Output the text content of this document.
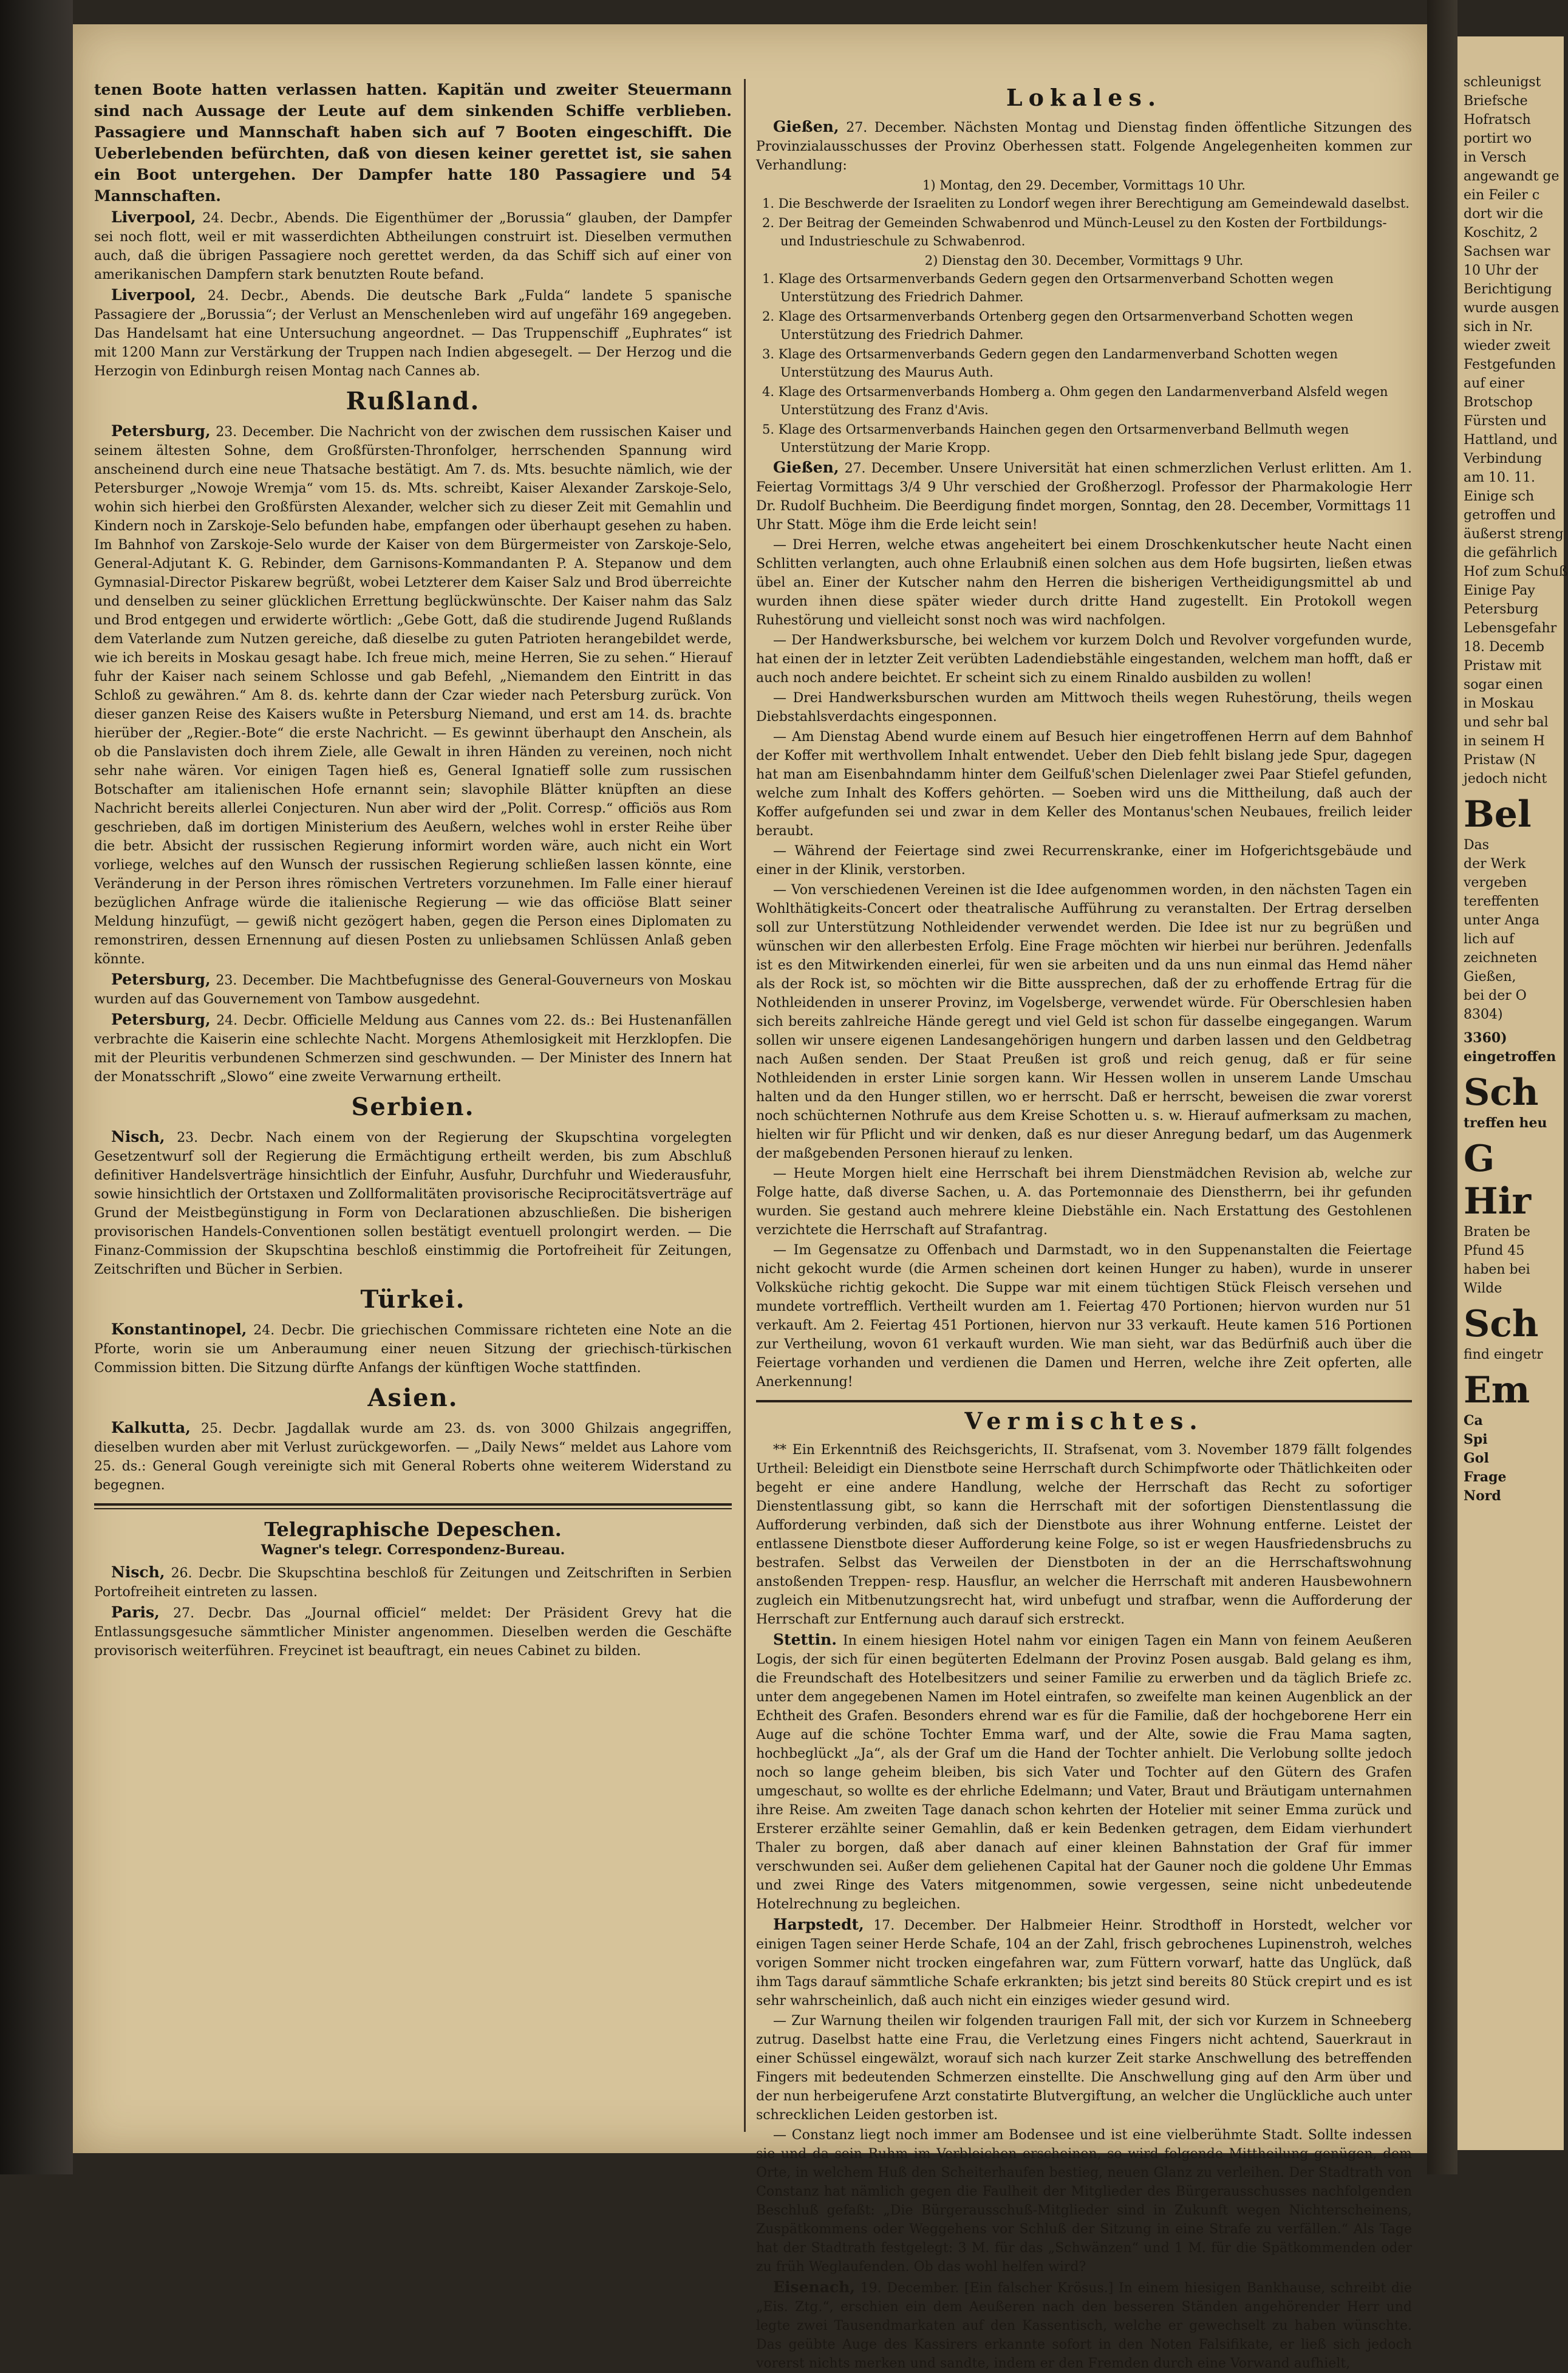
tenen Boote hatten verlassen hatten. Kapitän und zweiter Steuermann sind nach Aussage der Leute auf dem sinkenden Schiffe verblieben. Passagiere und Mannschaft haben sich auf 7 Booten eingeschifft. Die Ueberlebenden befürchten, daß von diesen keiner gerettet ist, sie sahen ein Boot untergehen. Der Dampfer hatte 180 Passagiere und 54 Mannschaften.

Liverpool, 24. Decbr., Abends. Die Eigenthümer der „Borussia“ glauben, der Dampfer sei noch flott, weil er mit wasserdichten Abtheilungen construirt ist. Dieselben vermuthen auch, daß die übrigen Passagiere noch gerettet werden, da das Schiff sich auf einer von amerikanischen Dampfern stark benutzten Route befand.

Liverpool, 24. Decbr., Abends. Die deutsche Bark „Fulda“ landete 5 spanische Passagiere der „Borussia“; der Verlust an Menschenleben wird auf ungefähr 169 angegeben. Das Handelsamt hat eine Untersuchung angeordnet. — Das Truppenschiff „Euphrates“ ist mit 1200 Mann zur Verstärkung der Truppen nach Indien abgesegelt. — Der Herzog und die Herzogin von Edinburgh reisen Montag nach Cannes ab.

Rußland.

Petersburg, 23. December. Die Nachricht von der zwischen dem russischen Kaiser und seinem ältesten Sohne, dem Großfürsten-Thronfolger, herrschenden Spannung wird anscheinend durch eine neue Thatsache bestätigt. Am 7. ds. Mts. besuchte nämlich, wie der Petersburger „Nowoje Wremja“ vom 15. ds. Mts. schreibt, Kaiser Alexander Zarskoje-Selo, wohin sich hierbei den Großfürsten Alexander, welcher sich zu dieser Zeit mit Gemahlin und Kindern noch in Zarskoje-Selo befunden habe, empfangen oder überhaupt gesehen zu haben. Im Bahnhof von Zarskoje-Selo wurde der Kaiser von dem Bürgermeister von Zarskoje-Selo, General-Adjutant K. G. Rebinder, dem Garnisons-Kommandanten P. A. Stepanow und dem Gymnasial-Director Piskarew begrüßt, wobei Letzterer dem Kaiser Salz und Brod überreichte und denselben zu seiner glücklichen Errettung beglückwünschte. Der Kaiser nahm das Salz und Brod entgegen und erwiderte wörtlich: „Gebe Gott, daß die studirende Jugend Rußlands dem Vaterlande zum Nutzen gereiche, daß dieselbe zu guten Patrioten herangebildet werde, wie ich bereits in Moskau gesagt habe. Ich freue mich, meine Herren, Sie zu sehen.“ Hierauf fuhr der Kaiser nach seinem Schlosse und gab Befehl, „Niemandem den Eintritt in das Schloß zu gewähren.“ Am 8. ds. kehrte dann der Czar wieder nach Petersburg zurück. Von dieser ganzen Reise des Kaisers wußte in Petersburg Niemand, und erst am 14. ds. brachte hierüber der „Regier.-Bote“ die erste Nachricht. — Es gewinnt überhaupt den Anschein, als ob die Panslavisten doch ihrem Ziele, alle Gewalt in ihren Händen zu vereinen, noch nicht sehr nahe wären. Vor einigen Tagen hieß es, General Ignatieff solle zum russischen Botschafter am italienischen Hofe ernannt sein; slavophile Blätter knüpften an diese Nachricht bereits allerlei Conjecturen. Nun aber wird der „Polit. Corresp.“ officiös aus Rom geschrieben, daß im dortigen Ministerium des Aeußern, welches wohl in erster Reihe über die betr. Absicht der russischen Regierung informirt worden wäre, auch nicht ein Wort vorliege, welches auf den Wunsch der russischen Regierung schließen lassen könnte, eine Veränderung in der Person ihres römischen Vertreters vorzunehmen. Im Falle einer hierauf bezüglichen Anfrage würde die italienische Regierung — wie das officiöse Blatt seiner Meldung hinzufügt, — gewiß nicht gezögert haben, gegen die Person eines Diplomaten zu remonstriren, dessen Ernennung auf diesen Posten zu unliebsamen Schlüssen Anlaß geben könnte.

Petersburg, 23. December. Die Machtbefugnisse des General-Gouverneurs von Moskau wurden auf das Gouvernement von Tambow ausgedehnt.

Petersburg, 24. Decbr. Officielle Meldung aus Cannes vom 22. ds.: Bei Hustenanfällen verbrachte die Kaiserin eine schlechte Nacht. Morgens Athemlosigkeit mit Herzklopfen. Die mit der Pleuritis verbundenen Schmerzen sind geschwunden. — Der Minister des Innern hat der Monatsschrift „Slowo“ eine zweite Verwarnung ertheilt.

Serbien.

Nisch, 23. Decbr. Nach einem von der Regierung der Skupschtina vorgelegten Gesetzentwurf soll der Regierung die Ermächtigung ertheilt werden, bis zum Abschluß definitiver Handelsverträge hinsichtlich der Einfuhr, Ausfuhr, Durchfuhr und Wiederausfuhr, sowie hinsichtlich der Ortstaxen und Zollformalitäten provisorische Reciprocitätsverträge auf Grund der Meistbegünstigung in Form von Declarationen abzuschließen. Die bisherigen provisorischen Handels-Conventionen sollen bestätigt eventuell prolongirt werden. — Die Finanz-Commission der Skupschtina beschloß einstimmig die Portofreiheit für Zeitungen, Zeitschriften und Bücher in Serbien.

Türkei.

Konstantinopel, 24. Decbr. Die griechischen Commissare richteten eine Note an die Pforte, worin sie um Anberaumung einer neuen Sitzung der griechisch-türkischen Commission bitten. Die Sitzung dürfte Anfangs der künftigen Woche stattfinden.

Asien.

Kalkutta, 25. Decbr. Jagdallak wurde am 23. ds. von 3000 Ghilzais angegriffen, dieselben wurden aber mit Verlust zurückgeworfen. — „Daily News“ meldet aus Lahore vom 25. ds.: General Gough vereinigte sich mit General Roberts ohne weiterem Widerstand zu begegnen.

Telegraphische Depeschen.
Wagner's telegr. Correspondenz-Bureau.

Nisch, 26. Decbr. Die Skupschtina beschloß für Zeitungen und Zeitschriften in Serbien Portofreiheit eintreten zu lassen.

Paris, 27. Decbr. Das „Journal officiel“ meldet: Der Präsident Grevy hat die Entlassungsgesuche sämmtlicher Minister angenommen. Dieselben werden die Geschäfte provisorisch weiterführen. Freycinet ist beauftragt, ein neues Cabinet zu bilden.

Lokales.

Gießen, 27. December. Nächsten Montag und Dienstag finden öffentliche Sitzungen des Provinzialausschusses der Provinz Oberhessen statt. Folgende Angelegenheiten kommen zur Verhandlung:

1) Montag, den 29. December, Vormittags 10 Uhr.
1. Die Beschwerde der Israeliten zu Londorf wegen ihrer Berechtigung am Gemeindewald daselbst.
2. Der Beitrag der Gemeinden Schwabenrod und Münch-Leusel zu den Kosten der Fortbildungs- und Industrieschule zu Schwabenrod.
2) Dienstag den 30. December, Vormittags 9 Uhr.
1. Klage des Ortsarmenverbands Gedern gegen den Ortsarmenverband Schotten wegen Unterstützung des Friedrich Dahmer.
2. Klage des Ortsarmenverbands Ortenberg gegen den Ortsarmenverband Schotten wegen Unterstützung des Friedrich Dahmer.
3. Klage des Ortsarmenverbands Gedern gegen den Landarmenverband Schotten wegen Unterstützung des Maurus Auth.
4. Klage des Ortsarmenverbands Homberg a. Ohm gegen den Landarmenverband Alsfeld wegen Unterstützung des Franz d'Avis.
5. Klage des Ortsarmenverbands Hainchen gegen den Ortsarmenverband Bellmuth wegen Unterstützung der Marie Kropp.

Gießen, 27. December. Unsere Universität hat einen schmerzlichen Verlust erlitten. Am 1. Feiertag Vormittags 3/4 9 Uhr verschied der Großherzogl. Professor der Pharmakologie Herr Dr. Rudolf Buchheim. Die Beerdigung findet morgen, Sonntag, den 28. December, Vormittags 11 Uhr Statt. Möge ihm die Erde leicht sein!

— Drei Herren, welche etwas angeheitert bei einem Droschkenkutscher heute Nacht einen Schlitten verlangten, auch ohne Erlaubniß einen solchen aus dem Hofe bugsirten, ließen etwas übel an. Einer der Kutscher nahm den Herren die bisherigen Vertheidigungsmittel ab und wurden ihnen diese später wieder durch dritte Hand zugestellt. Ein Protokoll wegen Ruhestörung und vielleicht sonst noch was wird nachfolgen.

— Der Handwerksbursche, bei welchem vor kurzem Dolch und Revolver vorgefunden wurde, hat einen der in letzter Zeit verübten Ladendiebstähle eingestanden, welchem man hofft, daß er auch noch andere beichtet. Er scheint sich zu einem Rinaldo ausbilden zu wollen!

— Drei Handwerksburschen wurden am Mittwoch theils wegen Ruhestörung, theils wegen Diebstahlsverdachts eingesponnen.

— Am Dienstag Abend wurde einem auf Besuch hier eingetroffenen Herrn auf dem Bahnhof der Koffer mit werthvollem Inhalt entwendet. Ueber den Dieb fehlt bislang jede Spur, dagegen hat man am Eisenbahndamm hinter dem Geilfuß'schen Dielenlager zwei Paar Stiefel gefunden, welche zum Inhalt des Koffers gehörten. — Soeben wird uns die Mittheilung, daß auch der Koffer aufgefunden sei und zwar in dem Keller des Montanus'schen Neubaues, freilich leider beraubt.

— Während der Feiertage sind zwei Recurrenskranke, einer im Hofgerichtsgebäude und einer in der Klinik, verstorben.

— Von verschiedenen Vereinen ist die Idee aufgenommen worden, in den nächsten Tagen ein Wohlthätigkeits-Concert oder theatralische Aufführung zu veranstalten. Der Ertrag derselben soll zur Unterstützung Nothleidender verwendet werden. Die Idee ist nur zu begrüßen und wünschen wir den allerbesten Erfolg. Eine Frage möchten wir hierbei nur berühren. Jedenfalls ist es den Mitwirkenden einerlei, für wen sie arbeiten und da uns nun einmal das Hemd näher als der Rock ist, so möchten wir die Bitte aussprechen, daß der zu erhoffende Ertrag für die Nothleidenden in unserer Provinz, im Vogelsberge, verwendet würde. Für Oberschlesien haben sich bereits zahlreiche Hände geregt und viel Geld ist schon für dasselbe eingegangen. Warum sollen wir unsere eigenen Landesangehörigen hungern und darben lassen und den Geldbetrag nach Außen senden. Der Staat Preußen ist groß und reich genug, daß er für seine Nothleidenden in erster Linie sorgen kann. Wir Hessen wollen in unserem Lande Umschau halten und da den Hunger stillen, wo er herrscht. Daß er herrscht, beweisen die zwar vorerst noch schüchternen Nothrufe aus dem Kreise Schotten u. s. w. Hierauf aufmerksam zu machen, hielten wir für Pflicht und wir denken, daß es nur dieser Anregung bedarf, um das Augenmerk der maßgebenden Personen hierauf zu lenken.

— Heute Morgen hielt eine Herrschaft bei ihrem Dienstmädchen Revision ab, welche zur Folge hatte, daß diverse Sachen, u. A. das Portemonnaie des Dienstherrn, bei ihr gefunden wurden. Sie gestand auch mehrere kleine Diebstähle ein. Nach Erstattung des Gestohlenen verzichtete die Herrschaft auf Strafantrag.

— Im Gegensatze zu Offenbach und Darmstadt, wo in den Suppenanstalten die Feiertage nicht gekocht wurde (die Armen scheinen dort keinen Hunger zu haben), wurde in unserer Volksküche richtig gekocht. Die Suppe war mit einem tüchtigen Stück Fleisch versehen und mundete vortrefflich. Vertheilt wurden am 1. Feiertag 470 Portionen; hiervon wurden nur 51 verkauft. Am 2. Feiertag 451 Portionen, hiervon nur 33 verkauft. Heute kamen 516 Portionen zur Vertheilung, wovon 61 verkauft wurden. Wie man sieht, war das Bedürfniß auch über die Feiertage vorhanden und verdienen die Damen und Herren, welche ihre Zeit opferten, alle Anerkennung!

Vermischtes.

** Ein Erkenntniß des Reichsgerichts, II. Strafsenat, vom 3. November 1879 fällt folgendes Urtheil: Beleidigt ein Dienstbote seine Herrschaft durch Schimpfworte oder Thätlichkeiten oder begeht er eine andere Handlung, welche der Herrschaft das Recht zu sofortiger Dienstentlassung gibt, so kann die Herrschaft mit der sofortigen Dienstentlassung die Aufforderung verbinden, daß sich der Dienstbote aus ihrer Wohnung entferne. Leistet der entlassene Dienstbote dieser Aufforderung keine Folge, so ist er wegen Hausfriedensbruchs zu bestrafen. Selbst das Verweilen der Dienstboten in der an die Herrschaftswohnung anstoßenden Treppen- resp. Hausflur, an welcher die Herrschaft mit anderen Hausbewohnern zugleich ein Mitbenutzungsrecht hat, wird unbefugt und strafbar, wenn die Aufforderung der Herrschaft zur Entfernung auch darauf sich erstreckt.

Stettin. In einem hiesigen Hotel nahm vor einigen Tagen ein Mann von feinem Aeußeren Logis, der sich für einen begüterten Edelmann der Provinz Posen ausgab. Bald gelang es ihm, die Freundschaft des Hotelbesitzers und seiner Familie zu erwerben und da täglich Briefe zc. unter dem angegebenen Namen im Hotel eintrafen, so zweifelte man keinen Augenblick an der Echtheit des Grafen. Besonders ehrend war es für die Familie, daß der hochgeborene Herr ein Auge auf die schöne Tochter Emma warf, und der Alte, sowie die Frau Mama sagten, hochbeglückt „Ja“, als der Graf um die Hand der Tochter anhielt. Die Verlobung sollte jedoch noch so lange geheim bleiben, bis sich Vater und Tochter auf den Gütern des Grafen umgeschaut, so wollte es der ehrliche Edelmann; und Vater, Braut und Bräutigam unternahmen ihre Reise. Am zweiten Tage danach schon kehrten der Hotelier mit seiner Emma zurück und Ersterer erzählte seiner Gemahlin, daß er kein Bedenken getragen, dem Eidam vierhundert Thaler zu borgen, daß aber danach auf einer kleinen Bahnstation der Graf für immer verschwunden sei. Außer dem geliehenen Capital hat der Gauner noch die goldene Uhr Emmas und zwei Ringe des Vaters mitgenommen, sowie vergessen, seine nicht unbedeutende Hotelrechnung zu begleichen.

Harpstedt, 17. December. Der Halbmeier Heinr. Strodthoff in Horstedt, welcher vor einigen Tagen seiner Herde Schafe, 104 an der Zahl, frisch gebrochenes Lupinenstroh, welches vorigen Sommer nicht trocken eingefahren war, zum Füttern vorwarf, hatte das Unglück, daß ihm Tags darauf sämmtliche Schafe erkrankten; bis jetzt sind bereits 80 Stück crepirt und es ist sehr wahrscheinlich, daß auch nicht ein einziges wieder gesund wird.

— Zur Warnung theilen wir folgenden traurigen Fall mit, der sich vor Kurzem in Schneeberg zutrug. Daselbst hatte eine Frau, die Verletzung eines Fingers nicht achtend, Sauerkraut in einer Schüssel eingewälzt, worauf sich nach kurzer Zeit starke Anschwellung des betreffenden Fingers mit bedeutenden Schmerzen einstellte. Die Anschwellung ging auf den Arm über und der nun herbeigerufene Arzt constatirte Blutvergiftung, an welcher die Unglückliche auch unter schrecklichen Leiden gestorben ist.

— Constanz liegt noch immer am Bodensee und ist eine vielberühmte Stadt. Sollte indessen sie und da sein Ruhm im Verbleichen erscheinen, so wird folgende Mittheilung genügen, dem Orte, in welchem Huß den Scheiterhaufen bestieg, neuen Glanz zu verleihen. Der Stadtrath von Constanz hat nämlich gegen die Faulheit der Mitglieder des Bürgerausschusses nachfolgenden Beschluß gefaßt: „Die Bürgerausschuß-Mitglieder sind in Zukunft wegen Nichterscheinens, Zuspätkommens oder Weggehens vor Schluß der Sitzung in eine Strafe zu verfällen.“ Als Tage hat der Stadtrath festgelegt: 3 M. für das „Schwänzen“ und 1 M. für die Spätkommenden oder zu früh Weglaufenden. Ob das wohl helfen wird?

Eisenach, 19. December. [Ein falscher Krösus.] In einem hiesigen Bankhause, schreibt die „Eis. Ztg.“, erschien ein dem Aeußeren nach den besseren Ständen angehörender Herr und legte zwei Tausendmarkaten auf den Kassentisch, welche er gewechselt zu haben wünschte. Das geübte Auge des Kassirers erkannte sofort in den Noten Falsifikate, er ließ sich jedoch vorerst nichts merken und sandte, indem er den Fremden durch eine Vorwand aufhielt,

schleunigst
Briefsche
Hofratsch
portirt wo
in Versch
angewandt ge
ein Feiler c
dort wir die
Koschitz, 2
Sachsen war
10 Uhr der
Berichtigung
wurde ausgen
sich in Nr.
wieder zweit
Festgefunden
auf einer
Brotschop
Fürsten und
Hattland, und
Verbindung
am 10. 11.
Einige sch
getroffen und
äußerst streng
die gefährlich
Hof zum Schuß
Einige Pay
Petersburg
Lebensgefahr
18. Decemb
Pristaw mit
sogar einen
in Moskau
und sehr bal
in seinem H
Pristaw (N
jedoch nicht
Bel
Das
der Werk
vergeben
tereffenten
unter Anga
lich auf
zeichneten
Gießen,
bei der O
8304)
3360)
eingetroffen
Sch
treffen heu
G
Hir
Braten be
Pfund 45
haben bei
Wilde
Sch
find eingetr
Em
Ca
Spi
Gol
Frage
Nord
